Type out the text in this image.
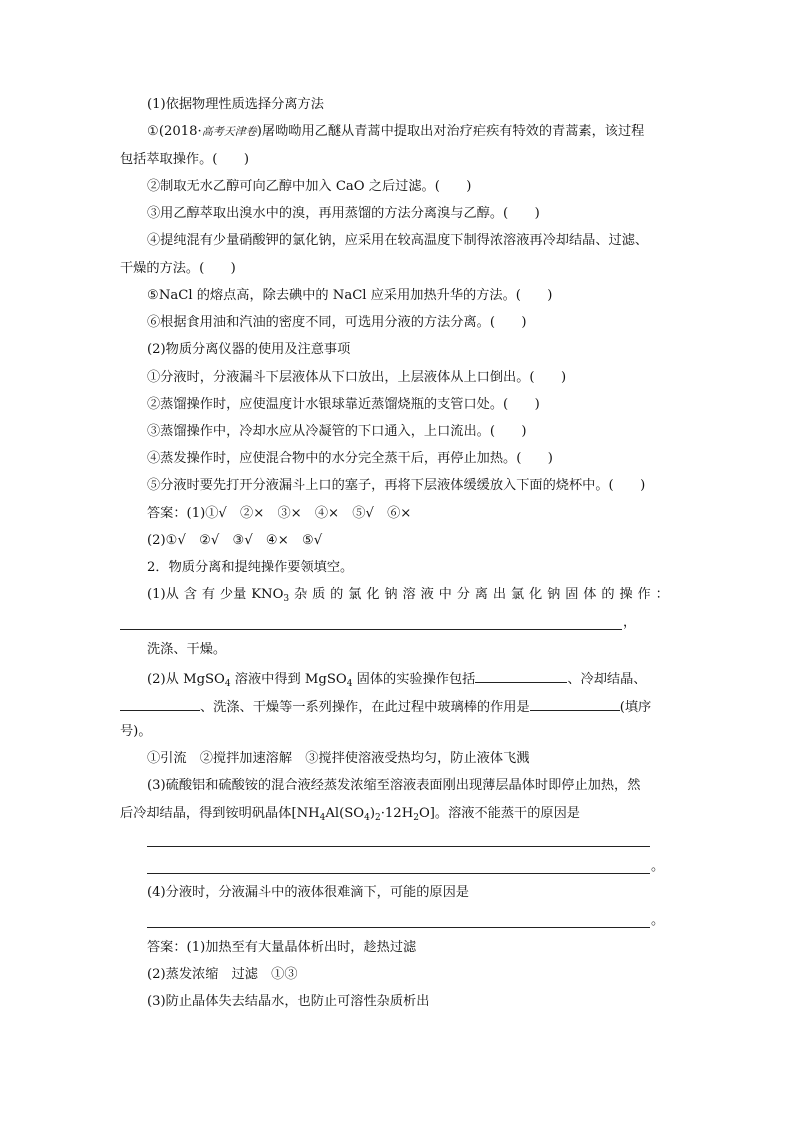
(1)依据物理性质选择分离方法
①(2018·高考天津卷)屠呦呦用乙醚从青蒿中提取出对治疗疟疾有特效的青蒿素，该过程
包括萃取操作。(　　)
②制取无水乙醇可向乙醇中加入 CaO 之后过滤。(　　)
③用乙醇萃取出溴水中的溴，再用蒸馏的方法分离溴与乙醇。(　　)
④提纯混有少量硝酸钾的氯化钠，应采用在较高温度下制得浓溶液再冷却结晶、过滤、
干燥的方法。(　　)
⑤NaCl 的熔点高，除去碘中的 NaCl 应采用加热升华的方法。(　　)
⑥根据食用油和汽油的密度不同，可选用分液的方法分离。(　　)
(2)物质分离仪器的使用及注意事项
①分液时，分液漏斗下层液体从下口放出，上层液体从上口倒出。(　　)
②蒸馏操作时，应使温度计水银球靠近蒸馏烧瓶的支管口处。(　　)
③蒸馏操作中，冷却水应从冷凝管的下口通入，上口流出。(　　)
④蒸发操作时，应使混合物中的水分完全蒸干后，再停止加热。(　　)
⑤分液时要先打开分液漏斗上口的塞子，再将下层液体缓缓放入下面的烧杯中。(　　)
答案：(1)①√　②×　③×　④×　⑤√　⑥×
(2)①√　②√　③√　④×　⑤√
2．物质分离和提纯操作要领填空。
(1)从 含 有 少量 $KNO_3$ 杂 质 的 氯 化 钠 溶 液 中 分 离 出 氯 化 钠 固 体 的 操 作 ：
，
洗涤、干燥。
(2)从 MgSO$_4$ 溶液中得到 MgSO$_4$ 固体的实验操作包括	、冷却结晶、
、洗涤、干燥等一系列操作，在此过程中玻璃棒的作用是	(填序
号)。
①引流　②搅拌加速溶解　③搅拌使溶液受热均匀，防止液体飞溅
(3)硫酸铝和硫酸铵的混合液经蒸发浓缩至溶液表面刚出现薄层晶体时即停止加热，然
后冷却结晶，得到铵明矾晶体$[NH_4Al(SO_4)_2\cdot 12H_2O]$。溶液不能蒸干的原因是
。
(4)分液时，分液漏斗中的液体很难滴下，可能的原因是
。
答案：(1)加热至有大量晶体析出时，趁热过滤
(2)蒸发浓缩　过滤　①③
(3)防止晶体失去结晶水，也防止可溶性杂质析出
